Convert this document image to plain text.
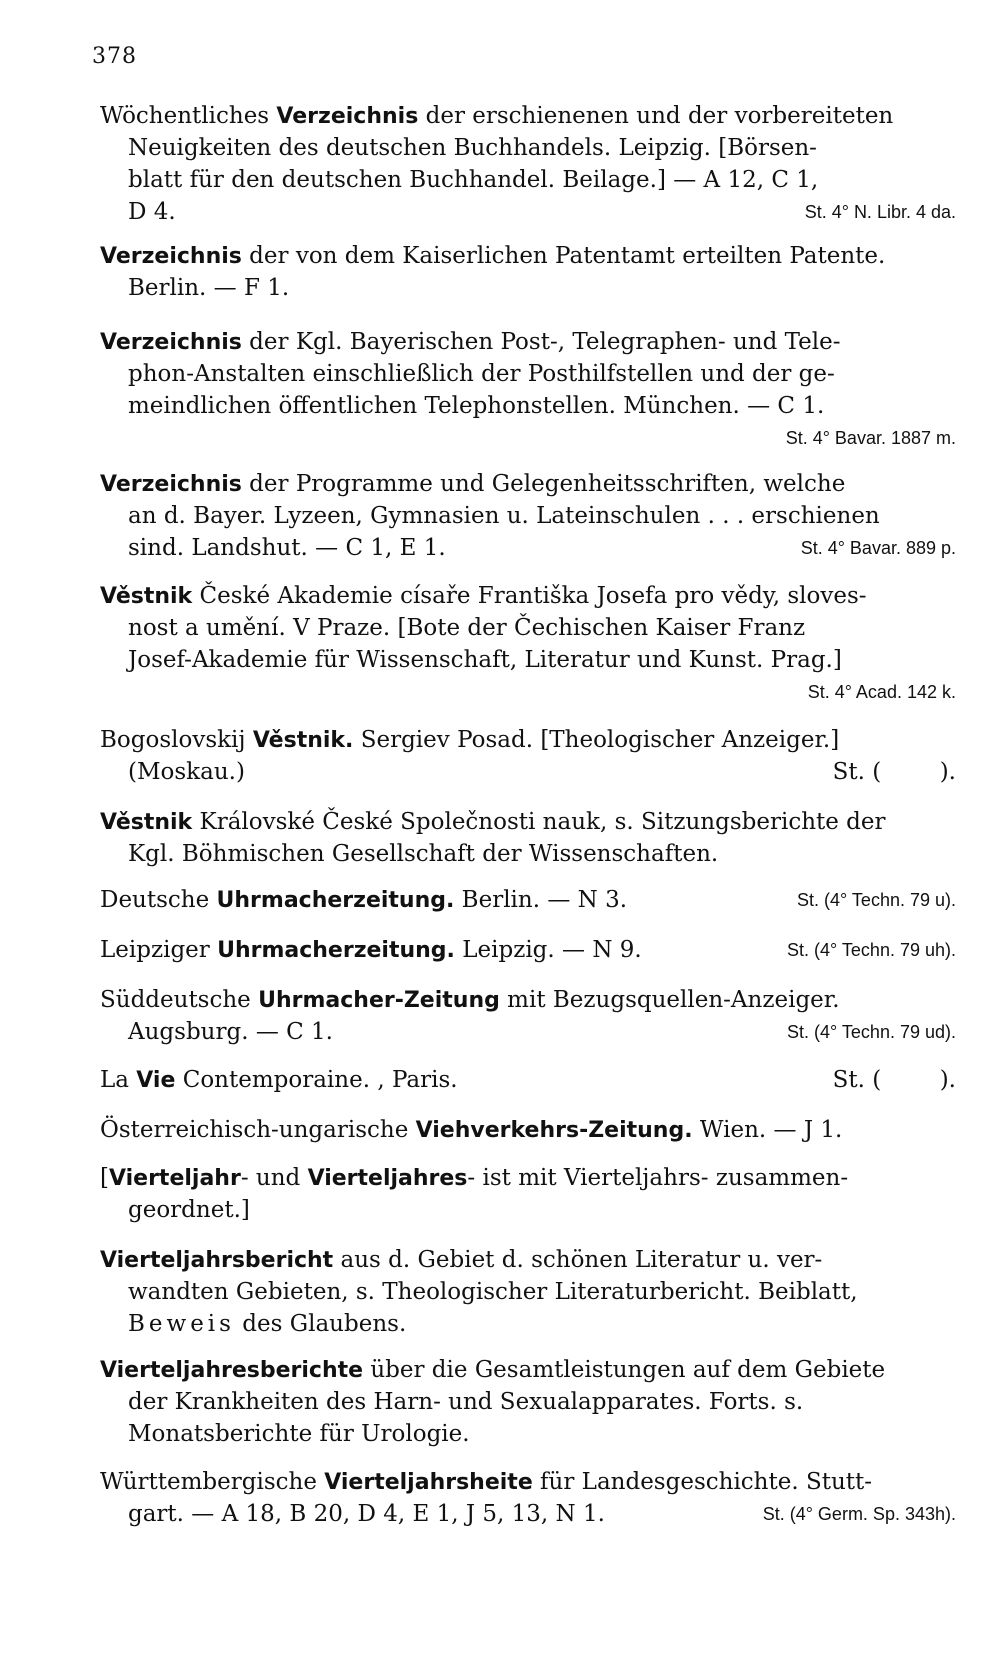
378
Wöchentliches Verzeichnis der erschienenen und der vorbereiteten
Neuigkeiten des deutschen Buchhandels. Leipzig. [Börsen-
blatt für den deutschen Buchhandel. Beilage.] — A 12, C 1,
D 4.	St. 4° N. Libr. 4 da.
Verzeichnis der von dem Kaiserlichen Patentamt erteilten Patente.
Berlin. — F 1.
Verzeichnis der Kgl. Bayerischen Post-, Telegraphen- und Tele-
phon-Anstalten einschließlich der Posthilfstellen und der ge-
meindlichen öffentlichen Telephonstellen. München. — C 1.
St. 4° Bavar. 1887 m.
Verzeichnis der Programme und Gelegenheitsschriften, welche
an d. Bayer. Lyzeen, Gymnasien u. Lateinschulen . . . erschienen
sind. Landshut. — C 1, E 1.	St. 4° Bavar. 889 p.
Věstnik České Akademie císaře Františka Josefa pro vědy, sloves-
nost a umění. V Praze. [Bote der Čechischen Kaiser Franz
Josef-Akademie für Wissenschaft, Literatur und Kunst. Prag.]
St. 4° Acad. 142 k.
Bogoslovskij Věstnik. Sergiev Posad. [Theologischer Anzeiger.]
(Moskau.)	St. (        ).
Věstnik Královské České Společnosti nauk, s. Sitzungsberichte der
Kgl. Böhmischen Gesellschaft der Wissenschaften.
Deutsche Uhrmacherzeitung. Berlin. — N 3.	St. (4° Techn. 79 u).
Leipziger Uhrmacherzeitung. Leipzig. — N 9.	St. (4° Techn. 79 uh).
Süddeutsche Uhrmacher-Zeitung mit Bezugsquellen-Anzeiger.
Augsburg. — C 1.	St. (4° Techn. 79 ud).
La Vie Contemporaine. , Paris.	St. (        ).
Österreichisch-ungarische Viehverkehrs-Zeitung. Wien. — J 1.
[Vierteljahr- und Vierteljahres- ist mit Vierteljahrs- zusammen-
geordnet.]
Vierteljahrsbericht aus d. Gebiet d. schönen Literatur u. ver-
wandten Gebieten, s. Theologischer Literaturbericht. Beiblatt,
Beweis des Glaubens.
Vierteljahresberichte über die Gesamtleistungen auf dem Gebiete
der Krankheiten des Harn- und Sexualapparates. Forts. s.
Monatsberichte für Urologie.
Württembergische Vierteljahrsheite für Landesgeschichte. Stutt-
gart. — A 18, B 20, D 4, E 1, J 5, 13, N 1.	St. (4° Germ. Sp. 343h).
